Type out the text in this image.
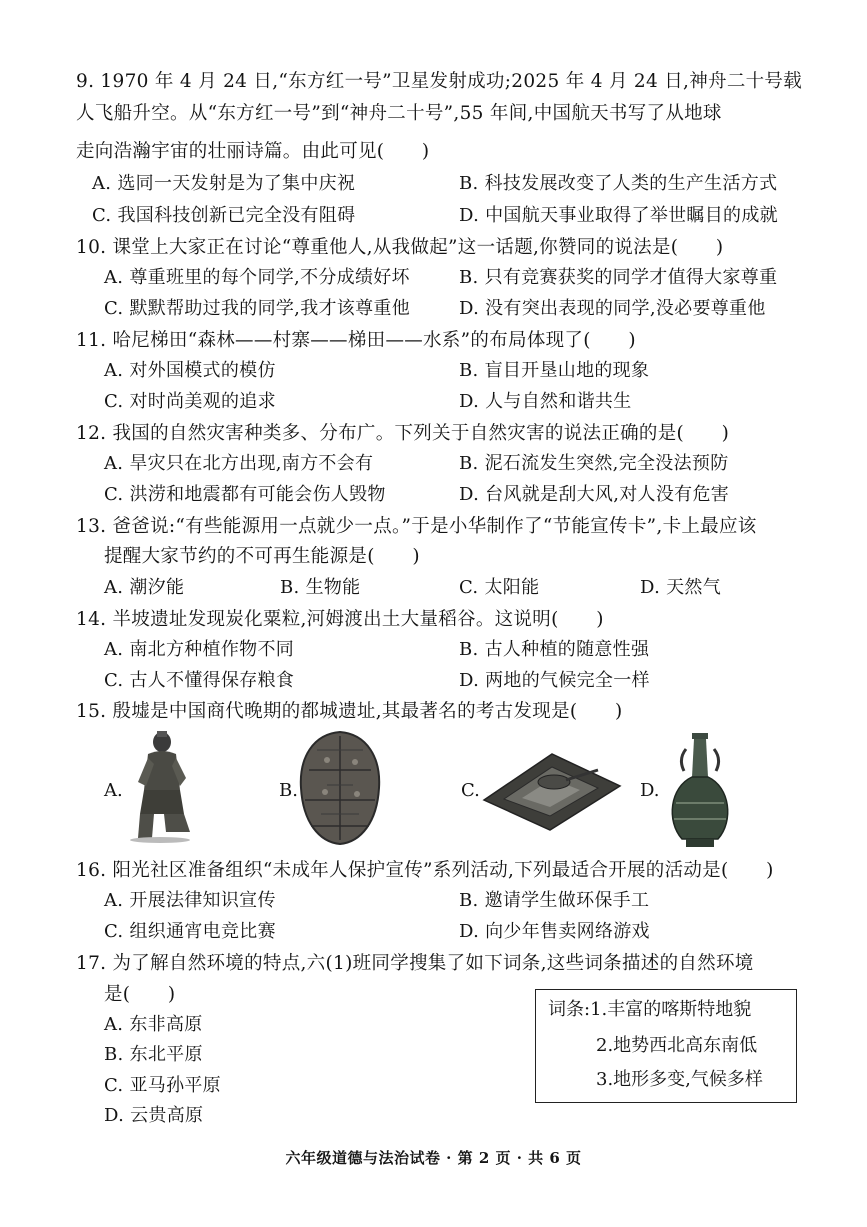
9. 1970 年 4 月 24 日,“东方红一号”卫星发射成功;2025 年 4 月 24 日,神舟二十号载
人飞船升空。从“东方红一号”到“神舟二十号”,55 年间,中国航天书写了从地球
走向浩瀚宇宙的壮丽诗篇。由此可见(　　)
A. 选同一天发射是为了集中庆祝	B. 科技发展改变了人类的生产生活方式
C. 我国科技创新已完全没有阻碍	D. 中国航天事业取得了举世瞩目的成就
10. 课堂上大家正在讨论“尊重他人,从我做起”这一话题,你赞同的说法是(　　)
A. 尊重班里的每个同学,不分成绩好坏	B. 只有竞赛获奖的同学才值得大家尊重
C. 默默帮助过我的同学,我才该尊重他	D. 没有突出表现的同学,没必要尊重他
11. 哈尼梯田“森林——村寨——梯田——水系”的布局体现了(　　)
A. 对外国模式的模仿	B. 盲目开垦山地的现象
C. 对时尚美观的追求	D. 人与自然和谐共生
12. 我国的自然灾害种类多、分布广。下列关于自然灾害的说法正确的是(　　)
A. 旱灾只在北方出现,南方不会有	B. 泥石流发生突然,完全没法预防
C. 洪涝和地震都有可能会伤人毁物	D. 台风就是刮大风,对人没有危害
13. 爸爸说:“有些能源用一点就少一点。”于是小华制作了“节能宣传卡”,卡上最应该
提醒大家节约的不可再生能源是(　　)
A. 潮汐能	B. 生物能	C. 太阳能	D. 天然气
14. 半坡遗址发现炭化粟粒,河姆渡出土大量稻谷。这说明(　　)
A. 南北方种植作物不同	B. 古人种植的随意性强
C. 古人不懂得保存粮食	D. 两地的气候完全一样
15. 殷墟是中国商代晚期的都城遗址,其最著名的考古发现是(　　)
A.	B.	C.	D.
16. 阳光社区准备组织“未成年人保护宣传”系列活动,下列最适合开展的活动是(　　)
A. 开展法律知识宣传	B. 邀请学生做环保手工
C. 组织通宵电竞比赛	D. 向少年售卖网络游戏
17. 为了解自然环境的特点,六(1)班同学搜集了如下词条,这些词条描述的自然环境
是(　　)
A. 东非高原
B. 东北平原
C. 亚马孙平原
D. 云贵高原
词条:1.丰富的喀斯特地貌
2.地势西北高东南低
3.地形多变,气候多样
六年级道德与法治试卷 · 第 2 页 · 共 6 页
